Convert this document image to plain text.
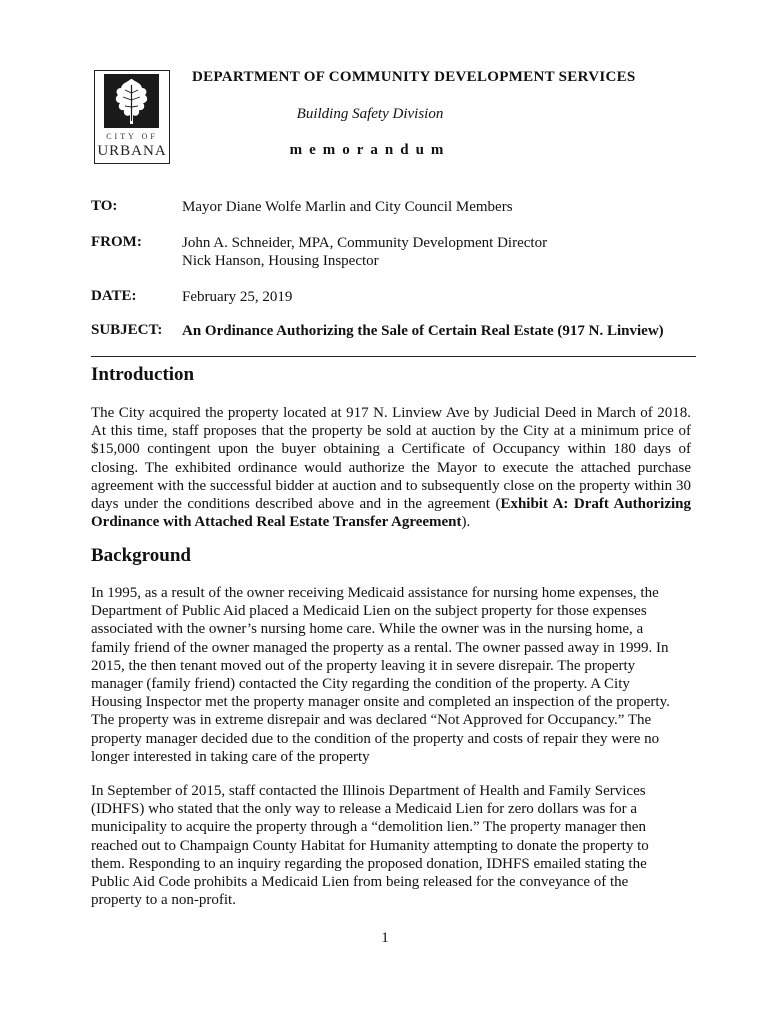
CITY OF
URBANA
DEPARTMENT OF COMMUNITY DEVELOPMENT SERVICES
Building Safety Division
memorandum
TO:	Mayor Diane Wolfe Marlin and City Council Members
FROM:	John A. Schneider, MPA, Community Development Director
Nick Hanson, Housing Inspector
DATE:	February 25, 2019
SUBJECT: An Ordinance Authorizing the Sale of Certain Real Estate (917 N. Linview)
Introduction

The City acquired the property located at 917 N. Linview Ave by Judicial Deed in March of 2018. At this time, staff proposes that the property be sold at auction by the City at a minimum price of $15,000 contingent upon the buyer obtaining a Certificate of Occupancy within 180 days of closing. The exhibited ordinance would authorize the Mayor to execute the attached purchase agreement with the successful bidder at auction and to subsequently close on the property within 30 days under the conditions described above and in the agreement (Exhibit A: Draft Authorizing Ordinance with Attached Real Estate Transfer Agreement).

Background

In 1995, as a result of the owner receiving Medicaid assistance for nursing home expenses, the Department of Public Aid placed a Medicaid Lien on the subject property for those expenses associated with the owner’s nursing home care. While the owner was in the nursing home, a family friend of the owner managed the property as a rental. The owner passed away in 1999. In 2015, the then tenant moved out of the property leaving it in severe disrepair. The property manager (family friend) contacted the City regarding the condition of the property. A City Housing Inspector met the property manager onsite and completed an inspection of the property. The property was in extreme disrepair and was declared “Not Approved for Occupancy.” The property manager decided due to the condition of the property and costs of repair they were no longer interested in taking care of the property

In September of 2015, staff contacted the Illinois Department of Health and Family Services (IDHFS) who stated that the only way to release a Medicaid Lien for zero dollars was for a municipality to acquire the property through a “demolition lien.” The property manager then reached out to Champaign County Habitat for Humanity attempting to donate the property to them. Responding to an inquiry regarding the proposed donation, IDHFS emailed stating the Public Aid Code prohibits a Medicaid Lien from being released for the conveyance of the property to a non-profit.

1
